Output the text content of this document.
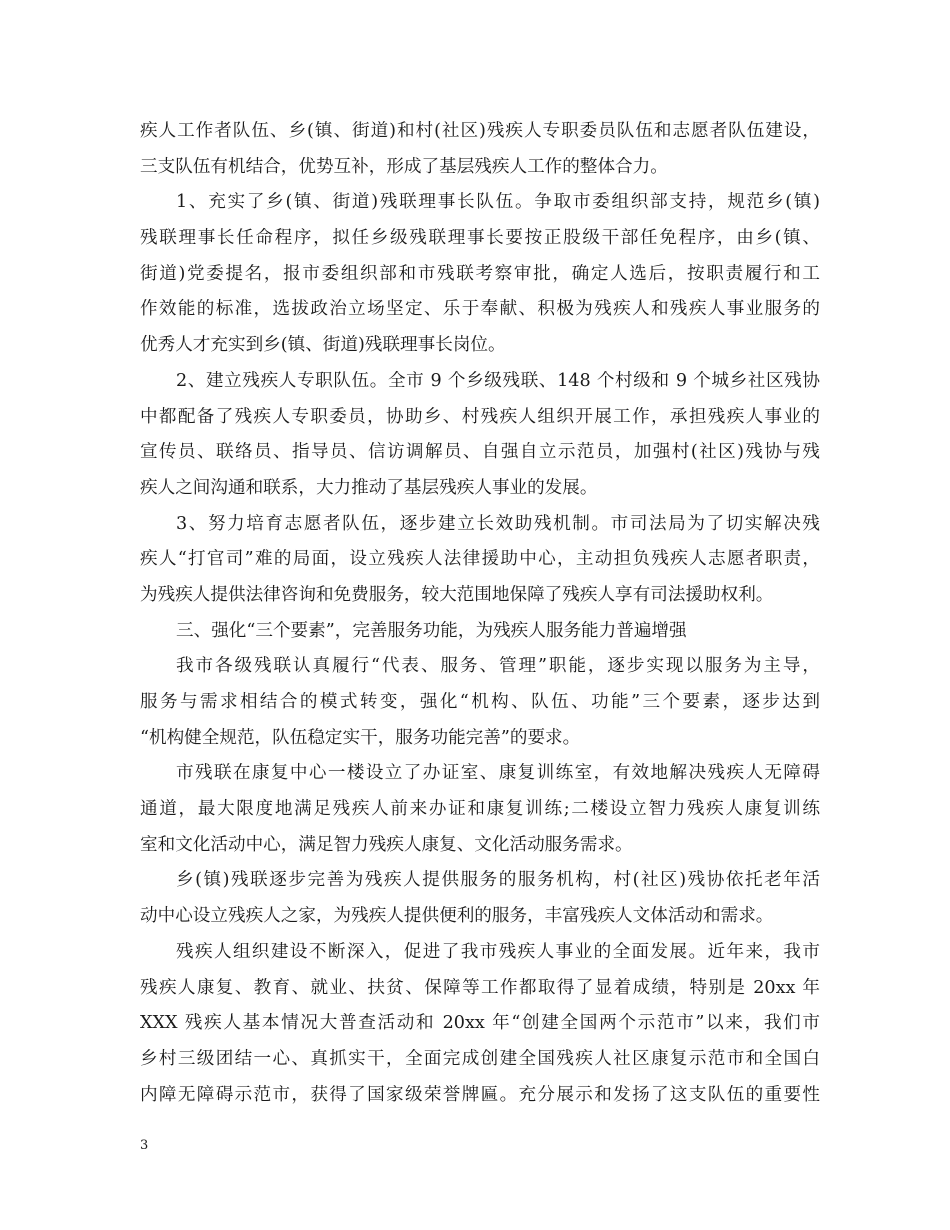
疾人工作者队伍、乡(镇、街道)和村(社区)残疾人专职委员队伍和志愿者队伍建设，
三支队伍有机结合，优势互补，形成了基层残疾人工作的整体合力。
1、充实了乡(镇、街道)残联理事长队伍。争取市委组织部支持，规范乡(镇)
残联理事长任命程序，拟任乡级残联理事长要按正股级干部任免程序，由乡(镇、
街道)党委提名，报市委组织部和市残联考察审批，确定人选后，按职责履行和工
作效能的标准，选拔政治立场坚定、乐于奉献、积极为残疾人和残疾人事业服务的
优秀人才充实到乡(镇、街道)残联理事长岗位。
2、建立残疾人专职队伍。全市 9 个乡级残联、148 个村级和 9 个城乡社区残协
中都配备了残疾人专职委员，协助乡、村残疾人组织开展工作，承担残疾人事业的
宣传员、联络员、指导员、信访调解员、自强自立示范员，加强村(社区)残协与残
疾人之间沟通和联系，大力推动了基层残疾人事业的发展。
3、努力培育志愿者队伍，逐步建立长效助残机制。市司法局为了切实解决残
疾人“打官司”难的局面，设立残疾人法律援助中心，主动担负残疾人志愿者职责，
为残疾人提供法律咨询和免费服务，较大范围地保障了残疾人享有司法援助权利。
三、强化“三个要素”，完善服务功能，为残疾人服务能力普遍增强
我市各级残联认真履行“代表、服务、管理”职能，逐步实现以服务为主导，
服务与需求相结合的模式转变，强化“机构、队伍、功能”三个要素，逐步达到
“机构健全规范，队伍稳定实干，服务功能完善”的要求。
市残联在康复中心一楼设立了办证室、康复训练室，有效地解决残疾人无障碍
通道，最大限度地满足残疾人前来办证和康复训练;二楼设立智力残疾人康复训练
室和文化活动中心，满足智力残疾人康复、文化活动服务需求。
乡(镇)残联逐步完善为残疾人提供服务的服务机构，村(社区)残协依托老年活
动中心设立残疾人之家，为残疾人提供便利的服务，丰富残疾人文体活动和需求。
残疾人组织建设不断深入，促进了我市残疾人事业的全面发展。近年来，我市
残疾人康复、教育、就业、扶贫、保障等工作都取得了显着成绩，特别是 20xx 年
XXX 残疾人基本情况大普查活动和 20xx 年“创建全国两个示范市”以来，我们市
乡村三级团结一心、真抓实干，全面完成创建全国残疾人社区康复示范市和全国白
内障无障碍示范市，获得了国家级荣誉牌匾。充分展示和发扬了这支队伍的重要性
3
